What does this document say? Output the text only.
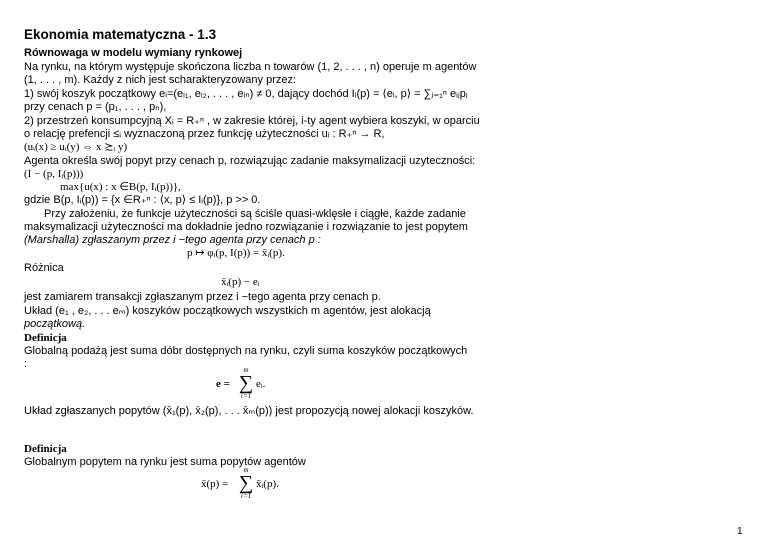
Ekonomia matematyczna - 1.3
Równowaga w modelu wymiany rynkowej
Na rynku, na którym występuje skończona liczba n towarów (1, 2, . . . , n) operuje m agentów
(1, . . . , m). Każdy z nich jest scharakteryzowany przez:
1) swój koszyk początkowy eᵢ=(eᵢ₁, eᵢ₂, . . . , eᵢₙ) ≠ 0, dający dochód Iᵢ(p) = ⟨eᵢ, p⟩ = ∑ⱼ₌₁ⁿ eᵢⱼpⱼ
przy cenach p = (p₁, . . . , pₙ),
2) przestrzeń konsumpcyjną Xᵢ = R₊ⁿ , w zakresie której, i-ty agent wybiera koszyki, w oparciu
o relację prefencji ≤ᵢ wyznaczoną przez funkcję użyteczności uᵢ : R₊ⁿ → R,
(uᵢ(x) ≥ uᵢ(y) ⇔ x ≿ᵢ y)
Agenta określa swój popyt przy cenach p, rozwiązując zadanie maksymalizacji uzyteczności:
(I − (p, Iᵢ(p)))
max{u(x) : x ∈B(p, Iᵢ(p))},
gdzie B(p, Iᵢ(p)) = {x ∈R₊ⁿ : ⟨x, p⟩ ≤ Iᵢ(p)}, p >> 0.
Przy założeniu, że funkcje użyteczności są ściśle quasi-wklęsłe i ciągłe, każde zadanie
maksymalizacji użyteczności ma dokładnie jedno rozwiązanie i rozwiązanie to jest popytem
(Marshalla) zgłaszanym przez i −tego agenta przy cenach p :
p ↦ φᵢ(p, I(p)) = x̄ᵢ(p).
Różnica
x̄ᵢ(p) − eᵢ
jest zamiarem transakcji zgłaszanym przez i −tego agenta przy cenach p.
Układ (e₁ , e₂, . . . eₘ) koszyków początkowych wszystkich m agentów, jest alokacją
początkową.
Definicja
Globalną podażą jest suma dóbr dostępnych na rynku, czyli suma koszyków początkowych
:
e =
m
∑
i=1
eᵢ.
Układ zgłaszanych popytów (x̄₁(p), x̄₂(p), . . . x̄ₘ(p)) jest propozycją nowej alokacji koszyków.
Definicja
Globalnym popytem na rynku jest suma popytów agentów
x̄(p) =
m
∑
i=1
x̄ᵢ(p).
1
